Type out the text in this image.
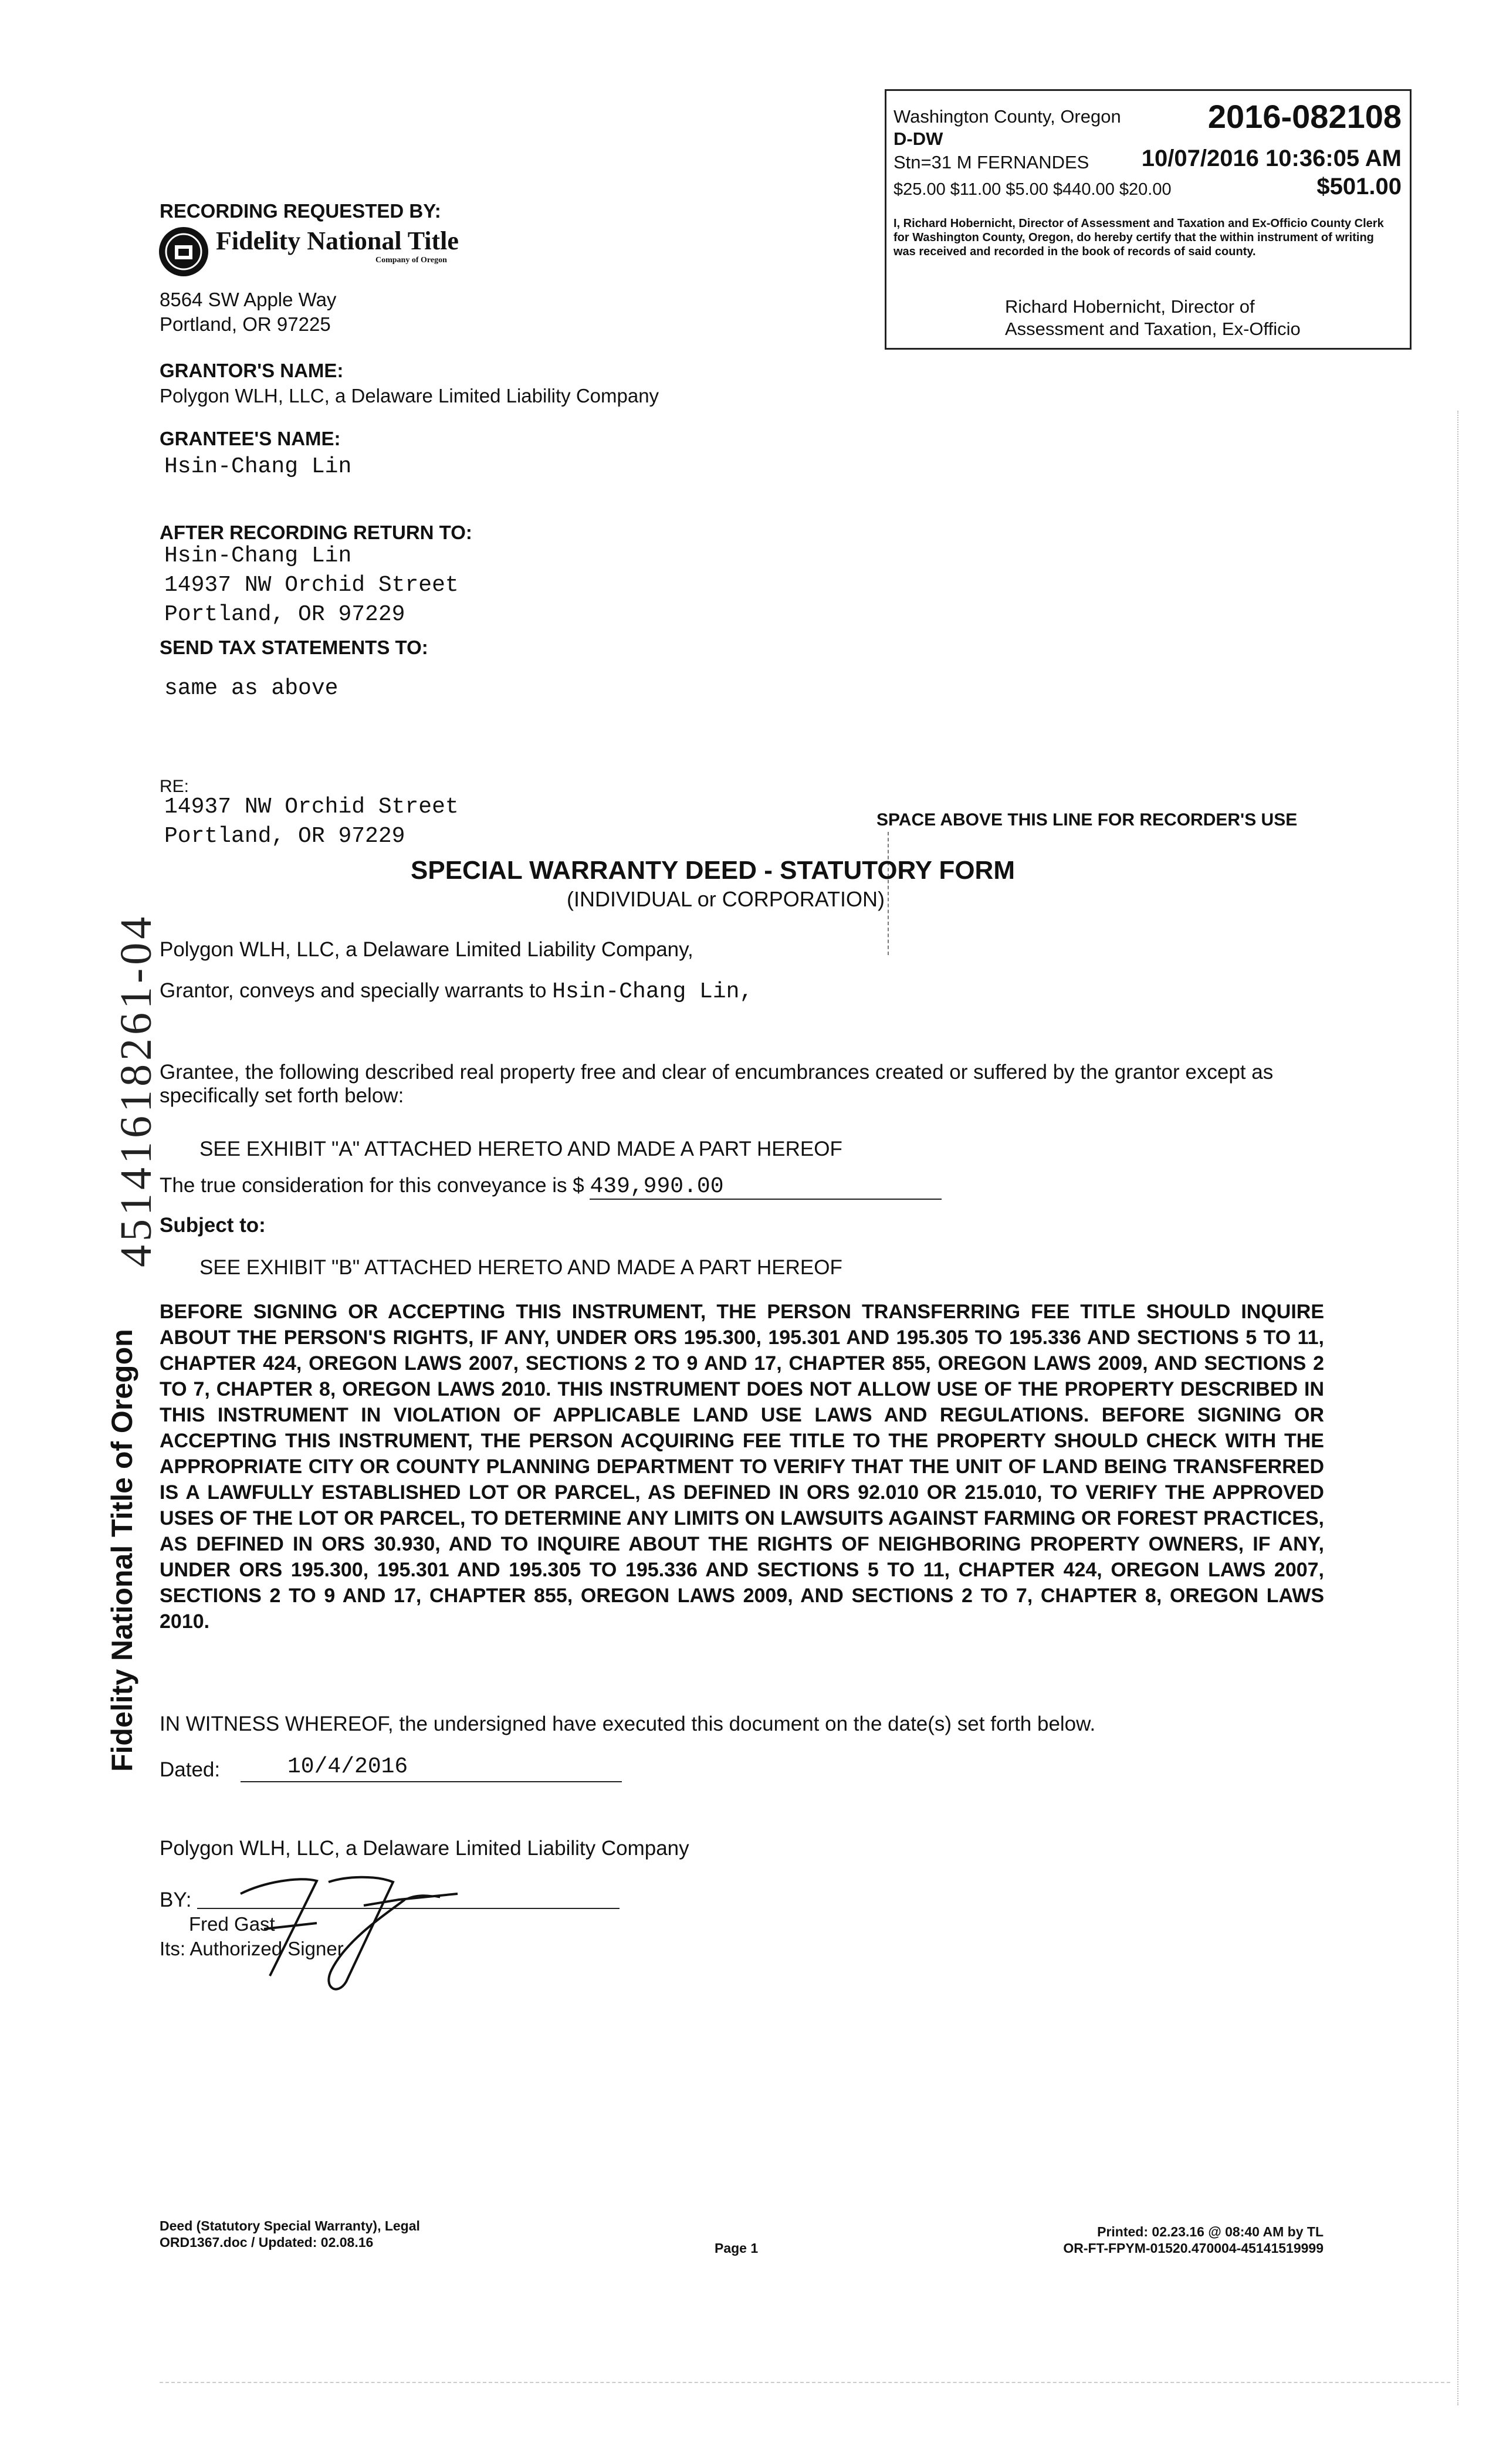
Washington County, Oregon	2016-082108
D-DW
Stn=31 M FERNANDES 10/07/2016 10:36:05 AM
$25.00 $11.00 $5.00 $440.00 $20.00	$501.00
I, Richard Hobernicht, Director of Assessment and Taxation and Ex-Officio County Clerk for Washington County, Oregon, do hereby certify that the within instrument of writing was received and recorded in the book of records of said county.
Richard Hobernicht, Director of
Assessment and Taxation, Ex-Officio
RECORDING REQUESTED BY:
Fidelity National Title
Company of Oregon
8564 SW Apple Way
Portland, OR 97225
GRANTOR'S NAME:
Polygon WLH, LLC, a Delaware Limited Liability Company
GRANTEE'S NAME:
Hsin-Chang Lin
AFTER RECORDING RETURN TO:
Hsin-Chang Lin
14937 NW Orchid Street
Portland, OR 97229
SEND TAX STATEMENTS TO:
same as above
RE:
14937 NW Orchid Street
Portland, OR 97229
SPACE ABOVE THIS LINE FOR RECORDER'S USE
SPECIAL WARRANTY DEED - STATUTORY FORM
(INDIVIDUAL or CORPORATION)
Polygon WLH, LLC, a Delaware Limited Liability Company,
Grantor, conveys and specially warrants to Hsin-Chang Lin,
Grantee, the following described real property free and clear of encumbrances created or suffered by the grantor except as specifically set forth below:
SEE EXHIBIT "A" ATTACHED HERETO AND MADE A PART HEREOF
The true consideration for this conveyance is $ 439,990.00
Subject to:
SEE EXHIBIT "B" ATTACHED HERETO AND MADE A PART HEREOF
BEFORE SIGNING OR ACCEPTING THIS INSTRUMENT, THE PERSON TRANSFERRING FEE TITLE SHOULD INQUIRE ABOUT THE PERSON'S RIGHTS, IF ANY, UNDER ORS 195.300, 195.301 AND 195.305 TO 195.336 AND SECTIONS 5 TO 11, CHAPTER 424, OREGON LAWS 2007, SECTIONS 2 TO 9 AND 17, CHAPTER 855, OREGON LAWS 2009, AND SECTIONS 2 TO 7, CHAPTER 8, OREGON LAWS 2010. THIS INSTRUMENT DOES NOT ALLOW USE OF THE PROPERTY DESCRIBED IN THIS INSTRUMENT IN VIOLATION OF APPLICABLE LAND USE LAWS AND REGULATIONS. BEFORE SIGNING OR ACCEPTING THIS INSTRUMENT, THE PERSON ACQUIRING FEE TITLE TO THE PROPERTY SHOULD CHECK WITH THE APPROPRIATE CITY OR COUNTY PLANNING DEPARTMENT TO VERIFY THAT THE UNIT OF LAND BEING TRANSFERRED IS A LAWFULLY ESTABLISHED LOT OR PARCEL, AS DEFINED IN ORS 92.010 OR 215.010, TO VERIFY THE APPROVED USES OF THE LOT OR PARCEL, TO DETERMINE ANY LIMITS ON LAWSUITS AGAINST FARMING OR FOREST PRACTICES, AS DEFINED IN ORS 30.930, AND TO INQUIRE ABOUT THE RIGHTS OF NEIGHBORING PROPERTY OWNERS, IF ANY, UNDER ORS 195.300, 195.301 AND 195.305 TO 195.336 AND SECTIONS 5 TO 11, CHAPTER 424, OREGON LAWS 2007, SECTIONS 2 TO 9 AND 17, CHAPTER 855, OREGON LAWS 2009, AND SECTIONS 2 TO 7, CHAPTER 8, OREGON LAWS 2010.
IN WITNESS WHEREOF, the undersigned have executed this document on the date(s) set forth below.
Dated:	10/4/2016
Polygon WLH, LLC, a Delaware Limited Liability Company
BY:
Fred Gast
Its: Authorized Signer
Fidelity National Title of Oregon
45141618261-04
Deed (Statutory Special Warranty), Legal
ORD1367.doc / Updated: 02.08.16	Page 1
Printed: 02.23.16 @ 08:40 AM by TL
OR-FT-FPYM-01520.470004-45141519999
